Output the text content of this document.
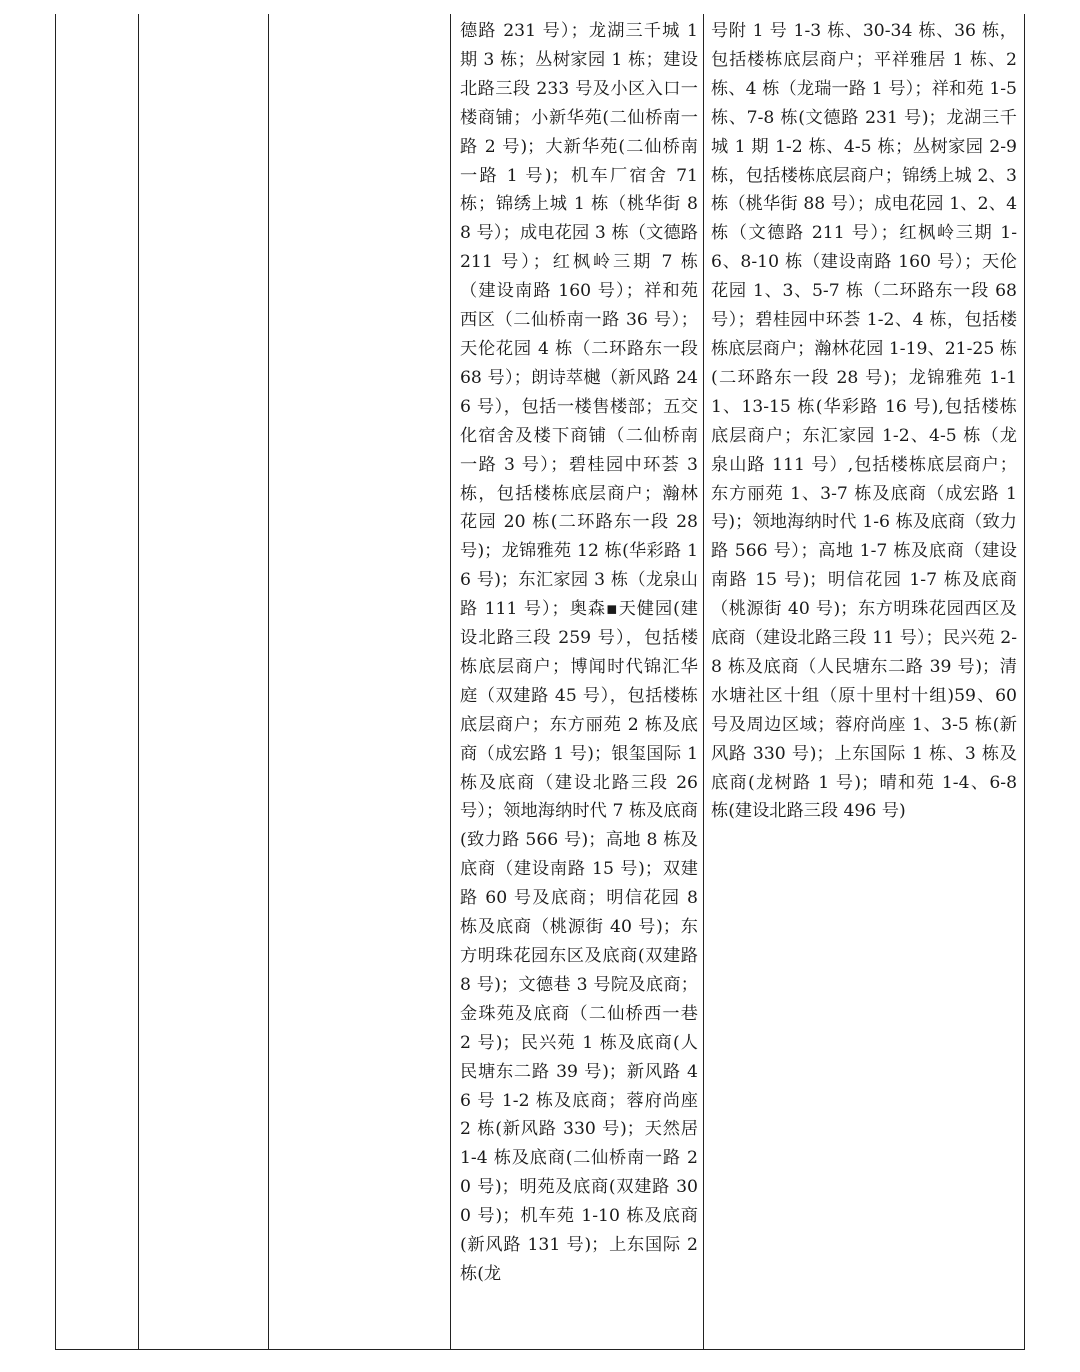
德路 231 号）；龙湖三千城 1 期 3 栋；丛树家园 1 栋；建设北路三段 233 号及小区入口一楼商铺；小新华苑(二仙桥南一路 2 号)；大新华苑(二仙桥南一路 1 号)；机车厂宿舍 71 栋；锦绣上城 1 栋（桃华街 88 号）；成电花园 3 栋（文德路 211 号）；红枫岭三期 7 栋（建设南路 160 号）；祥和苑西区（二仙桥南一路 36 号）；天伦花园 4 栋（二环路东一段 68 号）；朗诗萃樾（新风路 246 号），包括一楼售楼部；五交化宿舍及楼下商铺（二仙桥南一路 3 号）；碧桂园中环荟 3 栋，包括楼栋底层商户；瀚林花园 20 栋(二环路东一段 28 号)；龙锦雅苑 12 栋(华彩路 16 号)；东汇家园 3 栋（龙泉山路 111 号）；奥森▪天健园(建设北路三段 259 号），包括楼栋底层商户；博闻时代锦汇华庭（双建路 45 号），包括楼栋底层商户；东方丽苑 2 栋及底商（成宏路 1 号)；银玺国际 1 栋及底商（建设北路三段 26 号）；领地海纳时代 7 栋及底商(致力路 566 号)；高地 8 栋及底商（建设南路 15 号)；双建路 60 号及底商；明信花园 8 栋及底商（桃源街 40 号)；东方明珠花园东区及底商(双建路 8 号)；文德巷 3 号院及底商；金珠苑及底商（二仙桥西一巷 2 号)；民兴苑 1 栋及底商(人民塘东二路 39 号)；新风路 46 号 1-2 栋及底商；蓉府尚座 2 栋(新风路 330 号)；天然居 1-4 栋及底商(二仙桥南一路 20 号)；明苑及底商(双建路 300 号)；机车苑 1-10 栋及底商(新风路 131 号)；上东国际 2 栋(龙
号附 1 号 1-3 栋、30-34 栋、36 栋，包括楼栋底层商户；平祥雅居 1 栋、2 栋、4 栋（龙瑞一路 1 号）；祥和苑 1-5 栋、7-8 栋(文德路 231 号)；龙湖三千城 1 期 1-2 栋、4-5 栋；丛树家园 2-9 栋，包括楼栋底层商户；锦绣上城 2、3 栋（桃华街 88 号）；成电花园 1、2、4 栋（文德路 211 号）；红枫岭三期 1-6、8-10 栋（建设南路 160 号）；天伦花园 1、3、5-7 栋（二环路东一段 68 号）；碧桂园中环荟 1-2、4 栋，包括楼栋底层商户；瀚林花园 1-19、21-25 栋(二环路东一段 28 号)；龙锦雅苑 1-11、13-15 栋(华彩路 16 号),包括楼栋底层商户；东汇家园 1-2、4-5 栋（龙泉山路 111 号）,包括楼栋底层商户；东方丽苑 1、3-7 栋及底商（成宏路 1 号)；领地海纳时代 1-6 栋及底商（致力路 566 号）；高地 1-7 栋及底商（建设南路 15 号)；明信花园 1-7 栋及底商（桃源街 40 号)；东方明珠花园西区及底商（建设北路三段 11 号）；民兴苑 2-8 栋及底商（人民塘东二路 39 号)；清水塘社区十组（原十里村十组)59、60 号及周边区域；蓉府尚座 1、3-5 栋(新风路 330 号)；上东国际 1 栋、3 栋及底商(龙树路 1 号)；晴和苑 1-4、6-8 栋(建设北路三段 496 号)
